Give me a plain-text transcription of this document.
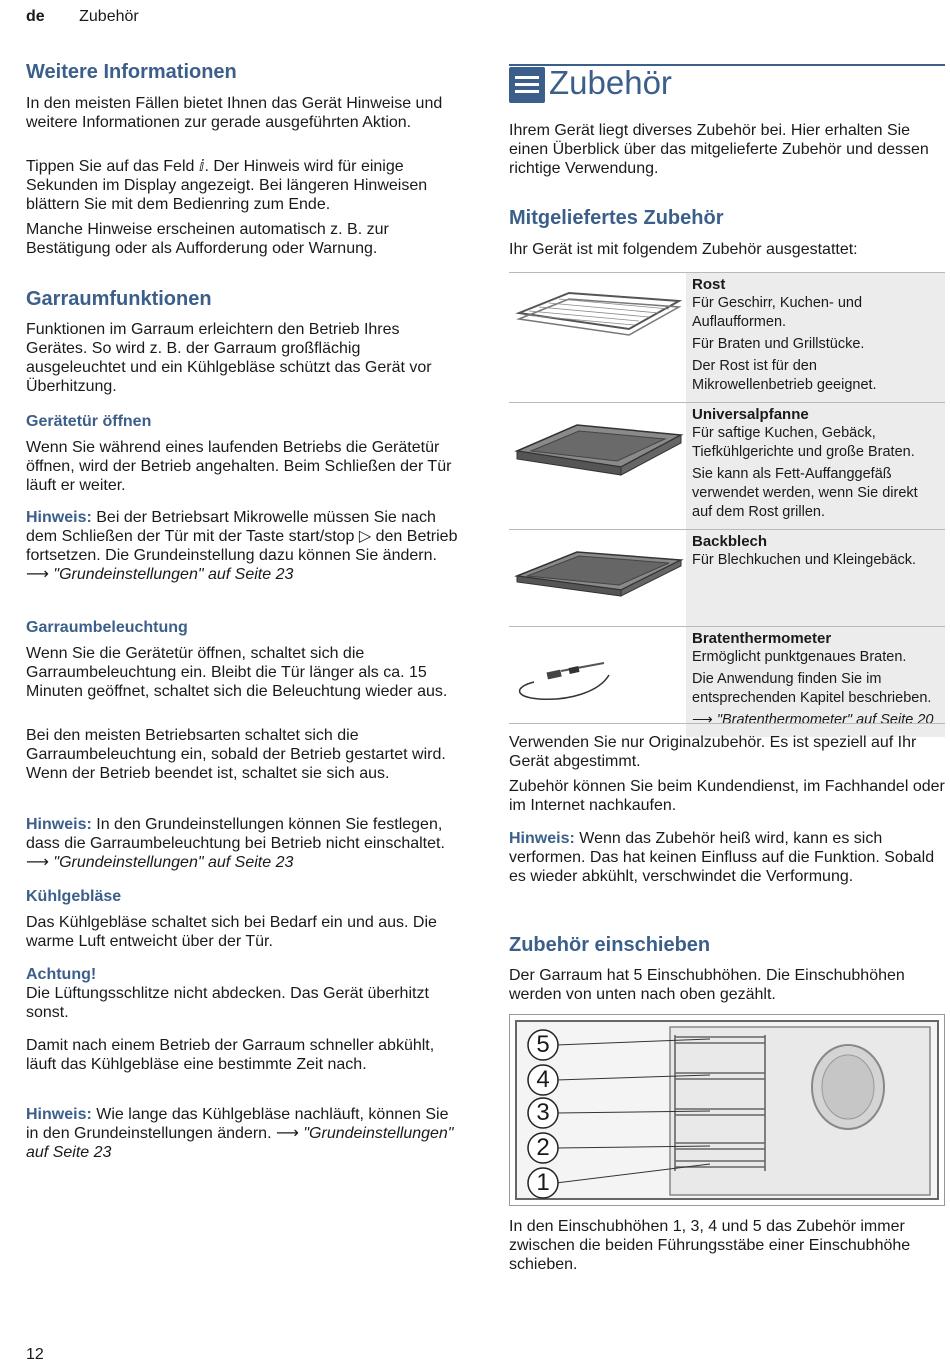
de Zubehör
Weitere Informationen

In den meisten Fällen bietet Ihnen das Gerät Hinweise und weitere Informationen zur gerade ausgeführten Aktion.

Tippen Sie auf das Feld ⅈ. Der Hinweis wird für einige Sekunden im Display angezeigt. Bei längeren Hinweisen blättern Sie mit dem Bedienring zum Ende.

Manche Hinweise erscheinen automatisch z. B. zur Bestätigung oder als Aufforderung oder Warnung.

Garraumfunktionen

Funktionen im Garraum erleichtern den Betrieb Ihres Gerätes. So wird z. B. der Garraum großflächig ausgeleuchtet und ein Kühlgebläse schützt das Gerät vor Überhitzung.

Gerätetür öffnen

Wenn Sie während eines laufenden Betriebs die Gerätetür öffnen, wird der Betrieb angehalten. Beim Schließen der Tür läuft er weiter.

Hinweis: Bei der Betriebsart Mikrowelle müssen Sie nach dem Schließen der Tür mit der Taste start/stop ▷ den Betrieb fortsetzen. Die Grundeinstellung dazu können Sie ändern. ⟶ "Grundeinstellungen" auf Seite 23

Garraumbeleuchtung

Wenn Sie die Gerätetür öffnen, schaltet sich die Garraumbeleuchtung ein. Bleibt die Tür länger als ca. 15 Minuten geöffnet, schaltet sich die Beleuchtung wieder aus.

Bei den meisten Betriebsarten schaltet sich die Garraumbeleuchtung ein, sobald der Betrieb gestartet wird. Wenn der Betrieb beendet ist, schaltet sie sich aus.

Hinweis: In den Grundeinstellungen können Sie festlegen, dass die Garraumbeleuchtung bei Betrieb nicht einschaltet. ⟶ "Grundeinstellungen" auf Seite 23

Kühlgebläse

Das Kühlgebläse schaltet sich bei Bedarf ein und aus. Die warme Luft entweicht über der Tür.

Achtung!
Die Lüftungsschlitze nicht abdecken. Das Gerät überhitzt sonst.

Damit nach einem Betrieb der Garraum schneller abkühlt, läuft das Kühlgebläse eine bestimmte Zeit nach.

Hinweis: Wie lange das Kühlgebläse nachläuft, können Sie in den Grundeinstellungen ändern. ⟶ "Grundeinstellungen" auf Seite 23

Zubehör

Ihrem Gerät liegt diverses Zubehör bei. Hier erhalten Sie einen Überblick über das mitgelieferte Zubehör und dessen richtige Verwendung.

Mitgeliefertes Zubehör

Ihr Gerät ist mit folgendem Zubehör ausgestattet:

Rost
Für Geschirr, Kuchen- und Auflaufformen.
Für Braten und Grillstücke.
Der Rost ist für den Mikrowellenbetrieb geeignet.

Universalpfanne
Für saftige Kuchen, Gebäck, Tiefkühlgerichte und große Braten.
Sie kann als Fett-Auffanggefäß verwendet werden, wenn Sie direkt auf dem Rost grillen.

Backblech
Für Blechkuchen und Kleingebäck.

Bratenthermometer
Ermöglicht punktgenaues Braten.
Die Anwendung finden Sie im entsprechenden Kapitel beschrieben.
⟶ "Bratenthermometer" auf Seite 20

Verwenden Sie nur Originalzubehör. Es ist speziell auf Ihr Gerät abgestimmt.

Zubehör können Sie beim Kundendienst, im Fachhandel oder im Internet nachkaufen.

Hinweis: Wenn das Zubehör heiß wird, kann es sich verformen. Das hat keinen Einfluss auf die Funktion. Sobald es wieder abkühlt, verschwindet die Verformung.

Zubehör einschieben

Der Garraum hat 5 Einschubhöhen. Die Einschubhöhen werden von unten nach oben gezählt.

5
4
3
2
1

In den Einschubhöhen 1, 3, 4 und 5 das Zubehör immer zwischen die beiden Führungsstäbe einer Einschubhöhe schieben.

12
